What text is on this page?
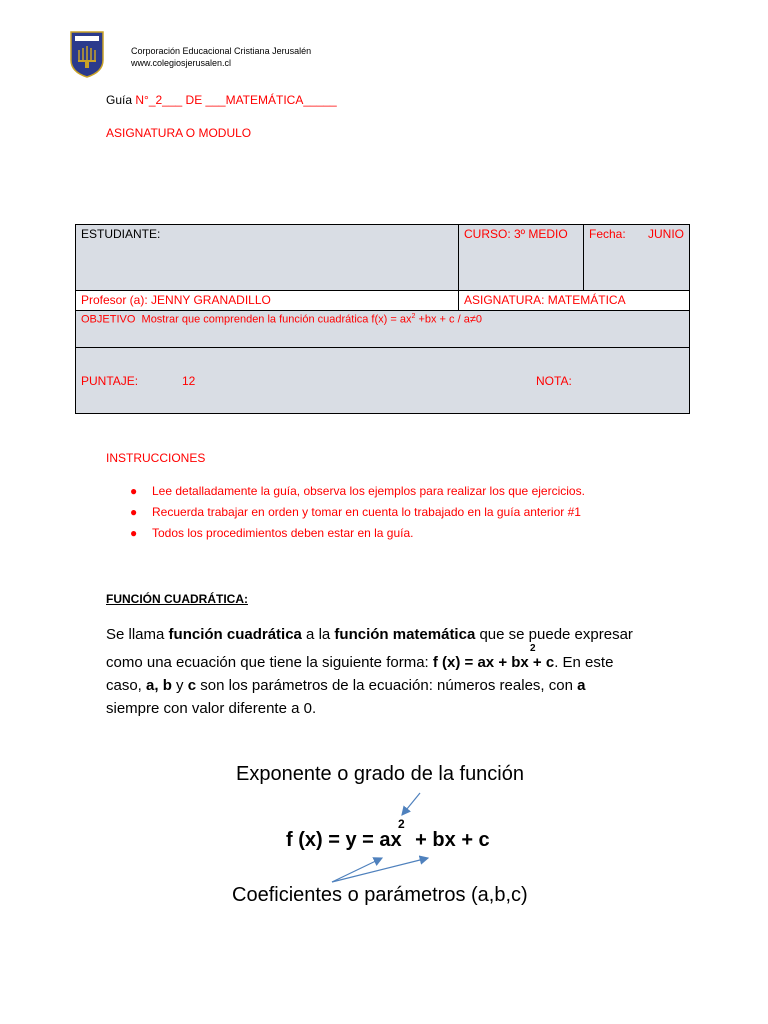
Corporación Educacional Cristiana Jerusalén
www.colegiosjerusalen.cl
Guía N°_2___ DE ___MATEMÁTICA_____
ASIGNATURA O MODULO
ESTUDIANTE:	CURSO: 3º MEDIO	Fecha: JUNIO

Profesor (a): JENNY GRANADILLO	ASIGNATURA: MATEMÁTICA	
OBJETIVO Mostrar que comprenden la función cuadrática $f(x) = ax^2 +bx + c / a\ne 0$		
PUNTAJE: 12 NOTA:		
INSTRUCCIONES
● Lee detalladamente la guía, observa los ejemplos para realizar los que ejercicios.
● Recuerda trabajar en orden y tomar en cuenta lo trabajado en la guía anterior #1
● Todos los procedimientos deben estar en la guía.
FUNCIÓN CUADRÁTICA:
Se llama función cuadrática a la función matemática que se puede expresar
2
como una ecuación que tiene la siguiente forma: f (x) = ax + bx + c. En este
caso, a, b y c son los parámetros de la ecuación: números reales, con a
siempre con valor diferente a 0.
Exponente o grado de la función
f (x) = y = ax + bx + c
2
Coeficientes o parámetros (a,b,c)
